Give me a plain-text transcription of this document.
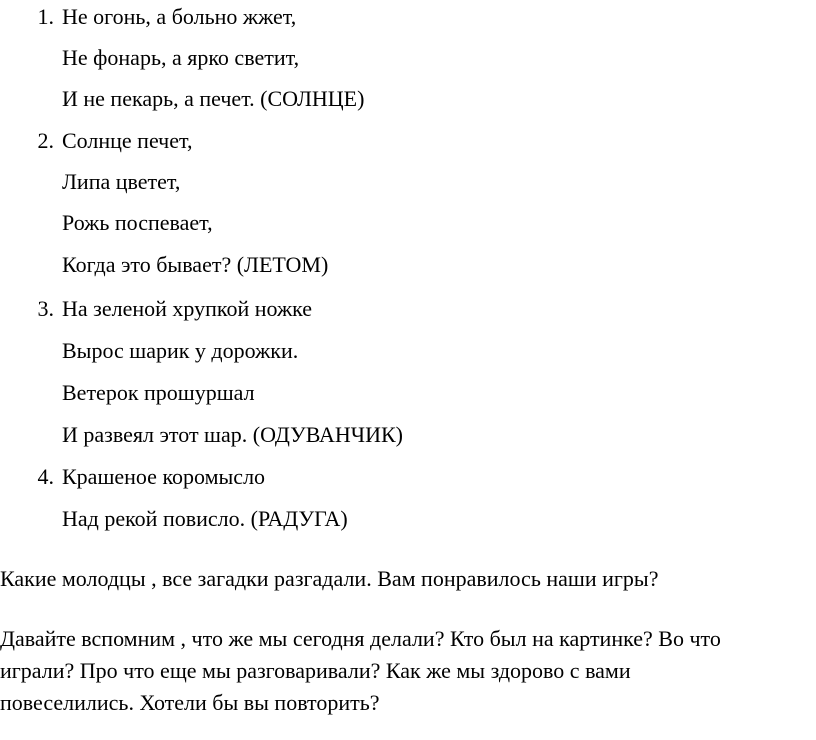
1. Не огонь, а больно жжет,
Не фонарь, а ярко светит,
И не пекарь, а печет. (СОЛНЦЕ)
2. Солнце печет,
Липа цветет,
Рожь поспевает,
Когда это бывает? (ЛЕТОМ)
3. На зеленой хрупкой ножке
Вырос шарик у дорожки.
Ветерок прошуршал
И развеял этот шар. (ОДУВАНЧИК)
4. Крашеное коромысло
Над рекой повисло. (РАДУГА)
Какие молодцы , все загадки разгадали. Вам понравилось наши игры?
Давайте вспомним , что же мы сегодня делали? Кто был на картинке? Во что
играли? Про что еще мы разговаривали? Как же мы здорово с вами
повеселились. Хотели бы вы повторить?
